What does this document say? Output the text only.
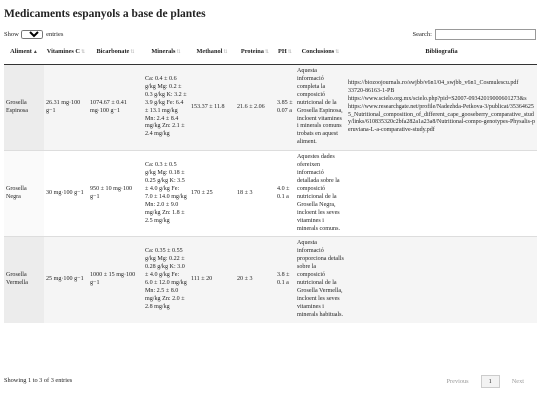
Medicaments espanyols a base de plantes
Show
10	entries	Search:
Aliment▲	Vitamines C⇅	Bicarbonate⇅	Minerals⇅	Methanol⇅	Proteina⇅	PH⇅	Conclusions⇅	Bibliografia
Grosella Espinosa	26.31 mg·100 g−1	1074.67 ± 0.41 mg·100 g−1	Ca: 0.4 ± 0.6 g/kg Mg: 0.2 ± 0.3 g/kg K: 3.2 ± 3.9 g/kg Fe: 6.4 ± 13.1 mg/kg Mn: 2.4 ± 8.4 mg/kg Zn: 2.1 ± 2.4 mg/kg	153.37 ± 11.8	21.6 ± 2.06	3.85 ± 0.07 a	Aquesta informació completa la composició nutricional de la Grosella Espinosa, incloent vitamines i minerals comuns trobats en aquest aliment.	https://biozoojournals.ro/swjbb/v6n1/04_swjbb_v6n1_Cosmulescu.pdf
33720-86163-1-PB
https://www.scielo.org.mx/scielo.php?pid=S2007-09342019000601273&s
https://www.researchgate.net/profile/Nadezhda-Petkova-3/publicat/353646255_Nutritional_composition_of_different_cape_gooseberry_comparative_study/links/610835320c2bfa282a1a23a8/Nutritional-compo-genotypes-Physalis-peruviana-L-a-comparative-study.pdf
Grosella Negra	30 mg·100 g−1	950 ± 10 mg·100 g−1	Ca: 0.3 ± 0.5 g/kg Mg: 0.18 ± 0.25 g/kg K: 3.5 ± 4.0 g/kg Fe: 7.0 ± 14.0 mg/kg Mn: 2.0 ± 9.0 mg/kg Zn: 1.8 ± 2.5 mg/kg	170 ± 25	18 ± 3	4.0 ± 0.1 a	Aquestes dades ofereixen informació detallada sobre la composició nutricional de la Grosella Negra, incloent les seves vitamines i minerals comuns.	
Grosella Vermella	25 mg·100 g−1	1000 ± 15 mg·100 g−1	Ca: 0.35 ± 0.55 g/kg Mg: 0.22 ± 0.28 g/kg K: 3.0 ± 4.0 g/kg Fe: 6.0 ± 12.0 mg/kg Mn: 2.5 ± 8.0 mg/kg Zn: 2.0 ± 2.8 mg/kg	111 ± 20	20 ± 3	3.8 ± 0.1 a	Aquesta informació proporciona detalls sobre la composició nutricional de la Grosella Vermella, incloent les seves vitamines i minerals habituals.	
Showing 1 to 3 of 3 entries	Previous	1	Next
